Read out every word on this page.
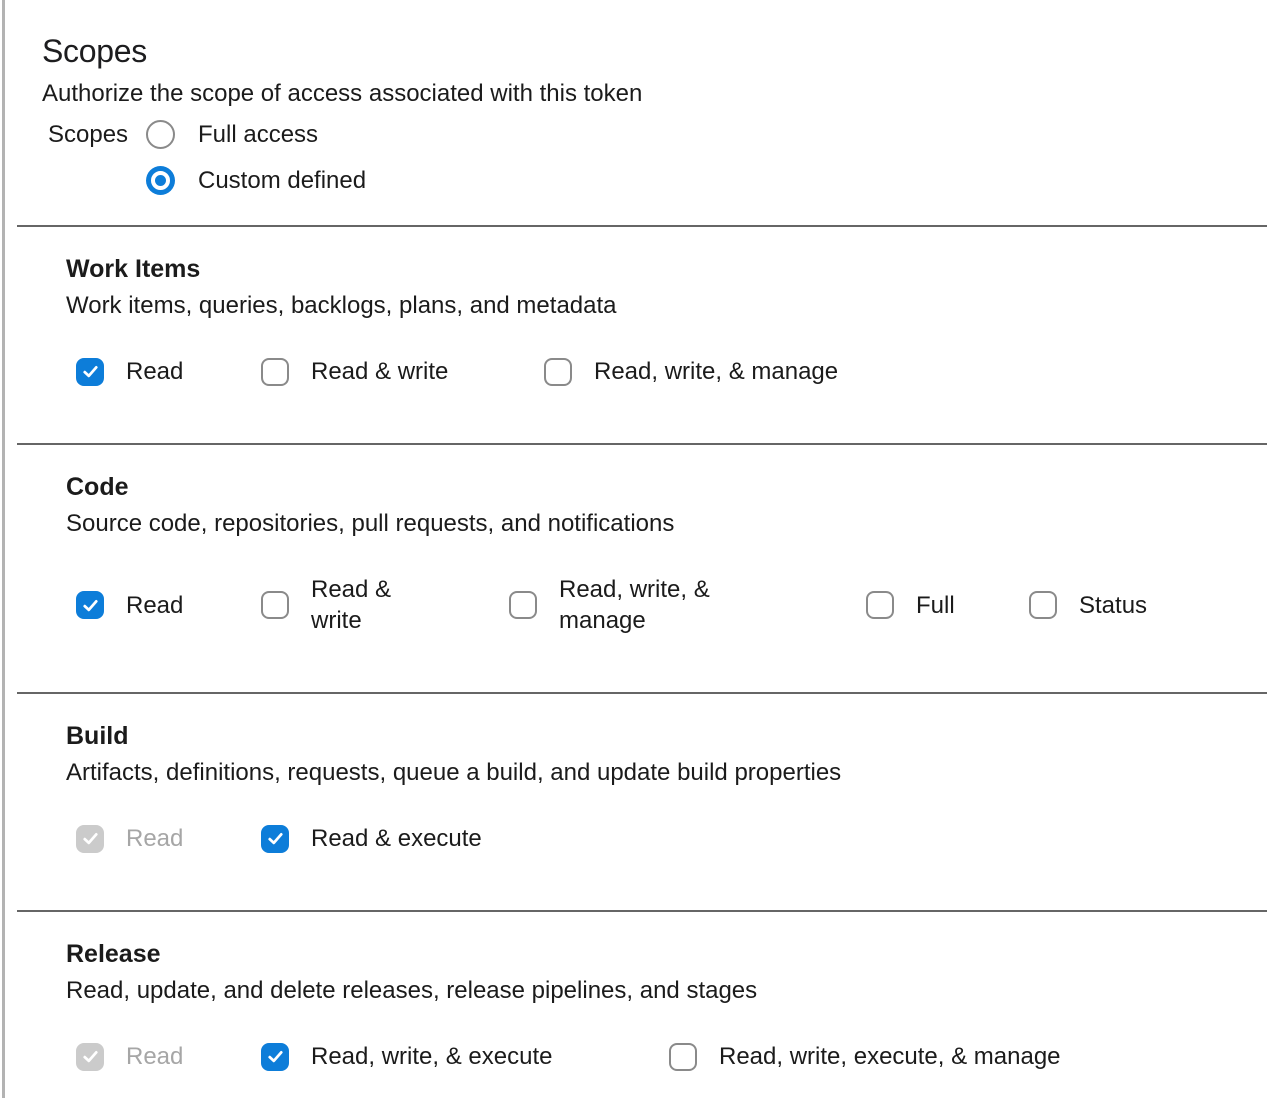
Scopes
Authorize the scope of access associated with this token
Scopes	Full access
Custom defined
Work Items
Work items, queries, backlogs, plans, and metadata
Read	Read & write	Read, write, & manage
Code
Source code, repositories, pull requests, and notifications
Read
Read & write
Read, write, & manage
Full	Status
Build
Artifacts, definitions, requests, queue a build, and update build properties
Read	Read & execute
Release
Read, update, and delete releases, release pipelines, and stages
Read	Read, write, & execute	Read, write, execute, & manage
